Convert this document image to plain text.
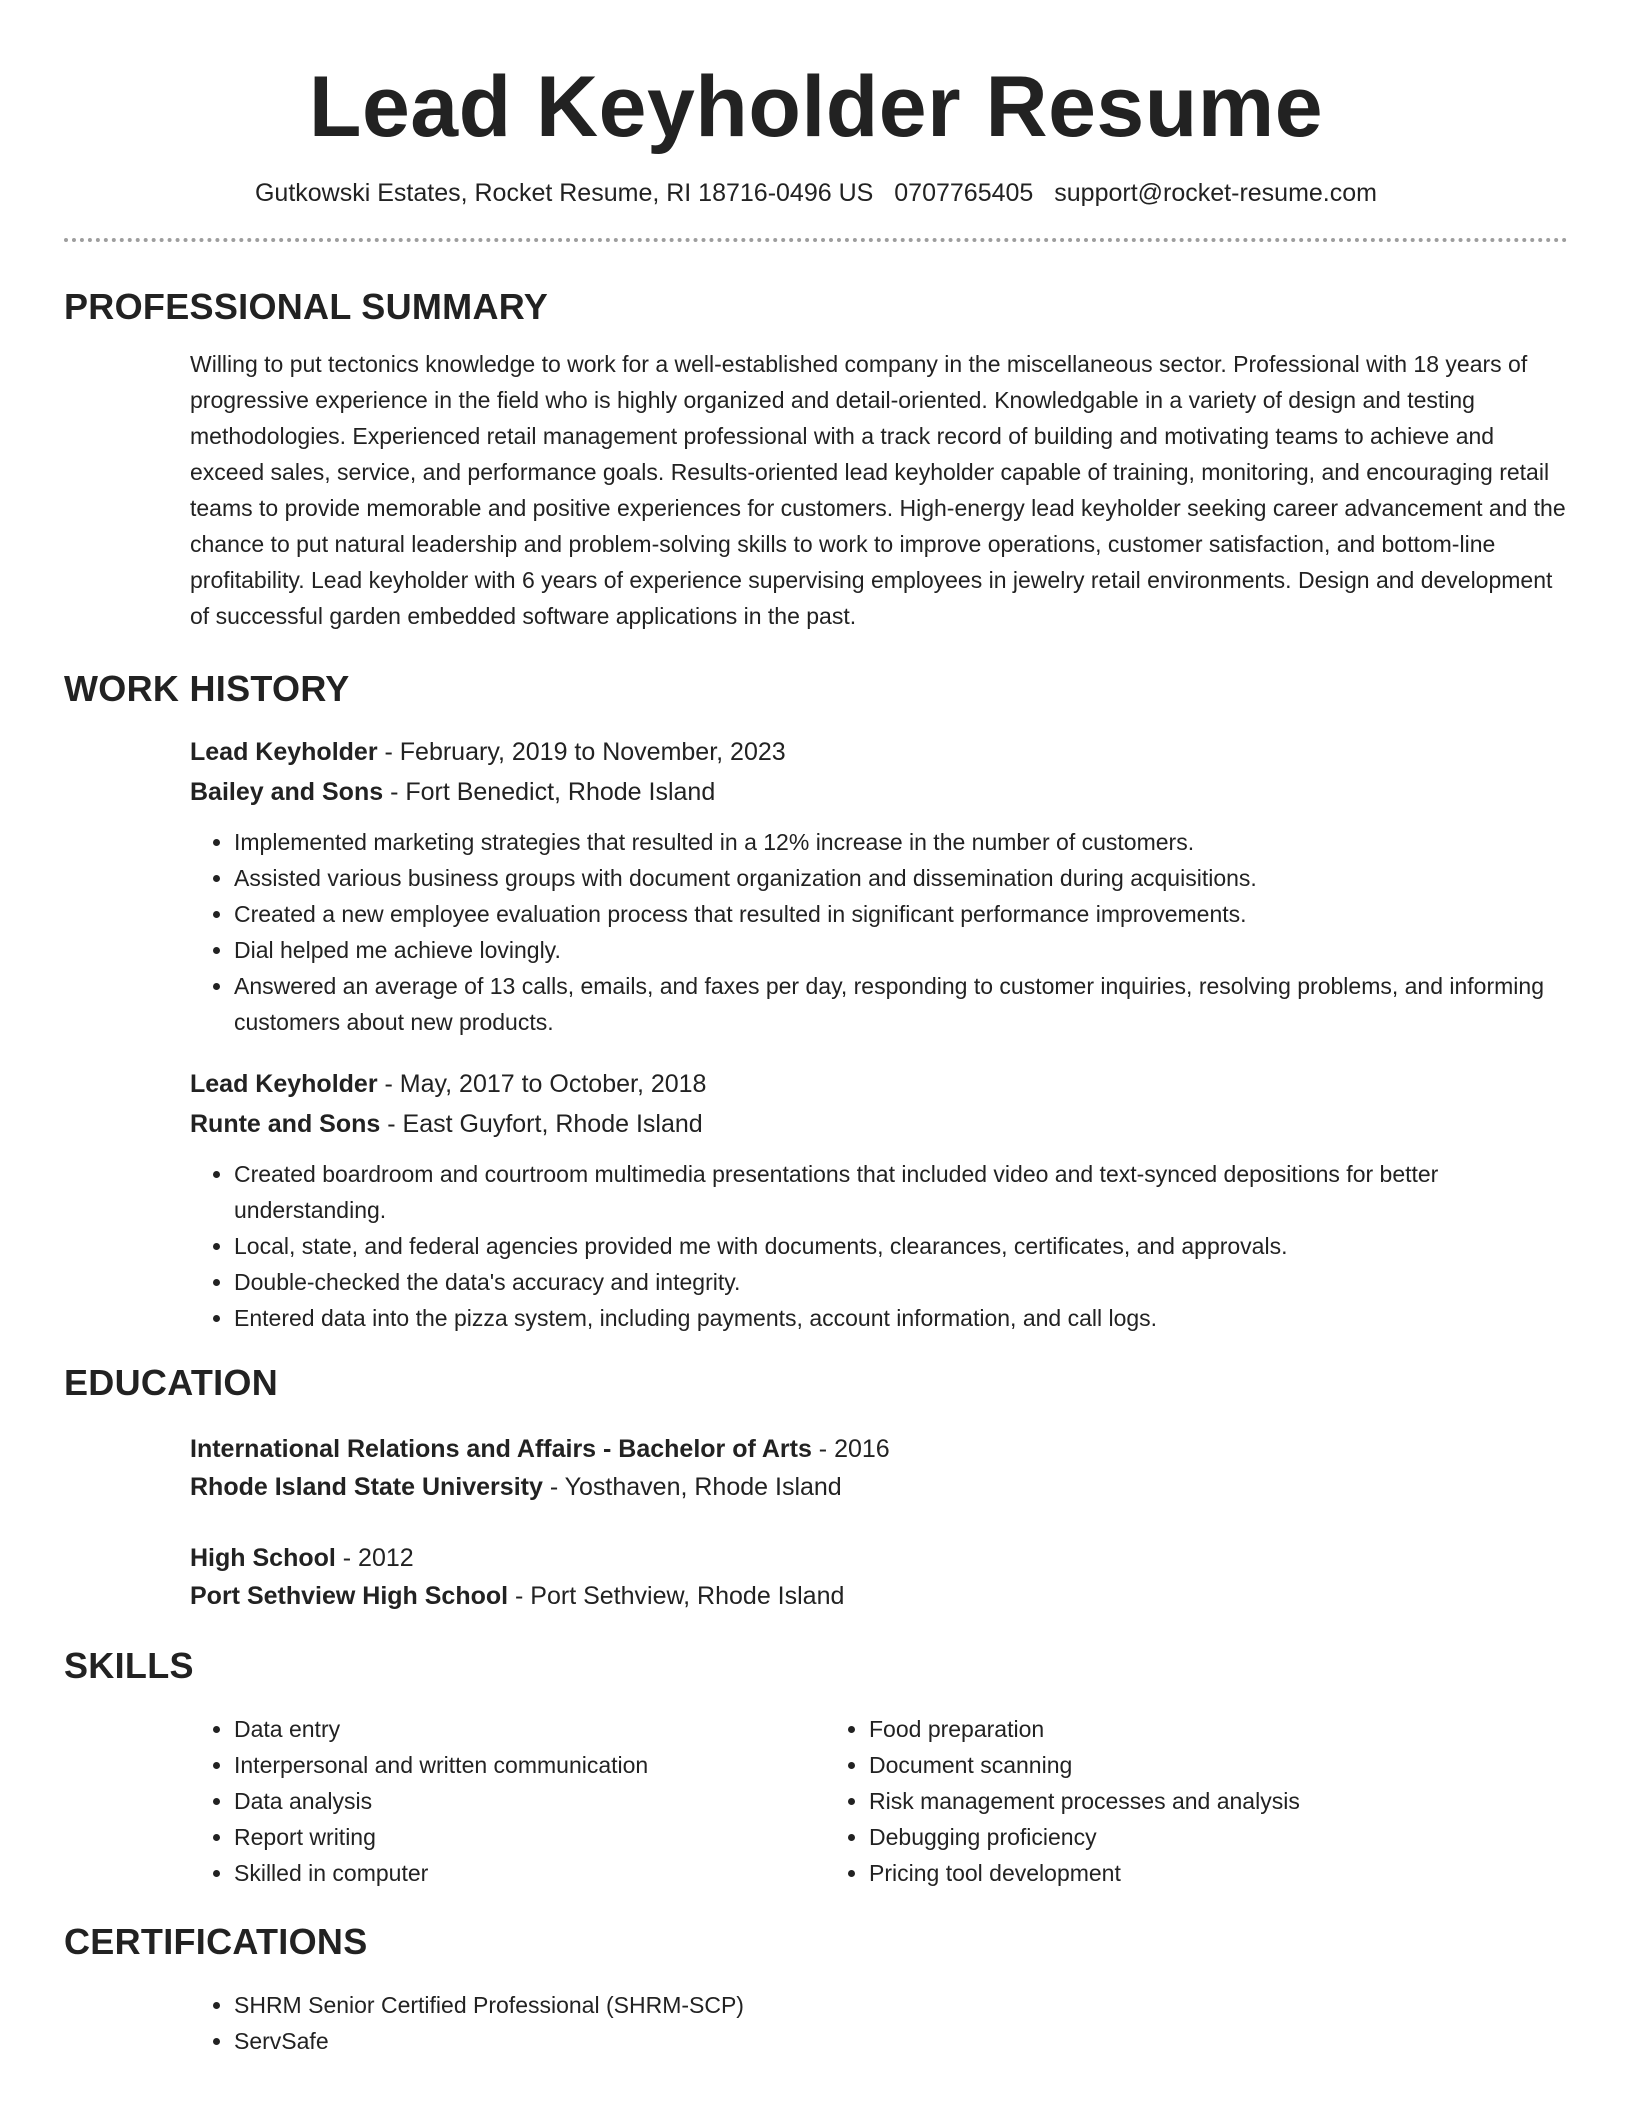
Lead Keyholder Resume
Gutkowski Estates, Rocket Resume, RI 18716-0496 US 0707765405 support@rocket-resume.com
PROFESSIONAL SUMMARY

Willing to put tectonics knowledge to work for a well-established company in the miscellaneous sector. Professional with 18 years of progressive experience in the field who is highly organized and detail-oriented. Knowledgable in a variety of design and testing methodologies. Experienced retail management professional with a track record of building and motivating teams to achieve and exceed sales, service, and performance goals. Results-oriented lead keyholder capable of training, monitoring, and encouraging retail teams to provide memorable and positive experiences for customers. High-energy lead keyholder seeking career advancement and the chance to put natural leadership and problem-solving skills to work to improve operations, customer satisfaction, and bottom-line profitability. Lead keyholder with 6 years of experience supervising employees in jewelry retail environments. Design and development of successful garden embedded software applications in the past.

WORK HISTORY
Lead Keyholder - February, 2019 to November, 2023
Bailey and Sons - Fort Benedict, Rhode Island
• Implemented marketing strategies that resulted in a 12% increase in the number of customers.
• Assisted various business groups with document organization and dissemination during acquisitions.
• Created a new employee evaluation process that resulted in significant performance improvements.
• Dial helped me achieve lovingly.
• Answered an average of 13 calls, emails, and faxes per day, responding to customer inquiries, resolving problems, and informing customers about new products.
Lead Keyholder - May, 2017 to October, 2018
Runte and Sons - East Guyfort, Rhode Island
• Created boardroom and courtroom multimedia presentations that included video and text-synced depositions for better understanding.
• Local, state, and federal agencies provided me with documents, clearances, certificates, and approvals.
• Double-checked the data's accuracy and integrity.
• Entered data into the pizza system, including payments, account information, and call logs.
EDUCATION
International Relations and Affairs - Bachelor of Arts - 2016
Rhode Island State University - Yosthaven, Rhode Island
High School - 2012
Port Sethview High School - Port Sethview, Rhode Island
SKILLS
• Data entry
• Interpersonal and written communication
• Data analysis
• Report writing
• Skilled in computer
• Food preparation
• Document scanning
• Risk management processes and analysis
• Debugging proficiency
• Pricing tool development
CERTIFICATIONS
• SHRM Senior Certified Professional (SHRM-SCP)
• ServSafe
